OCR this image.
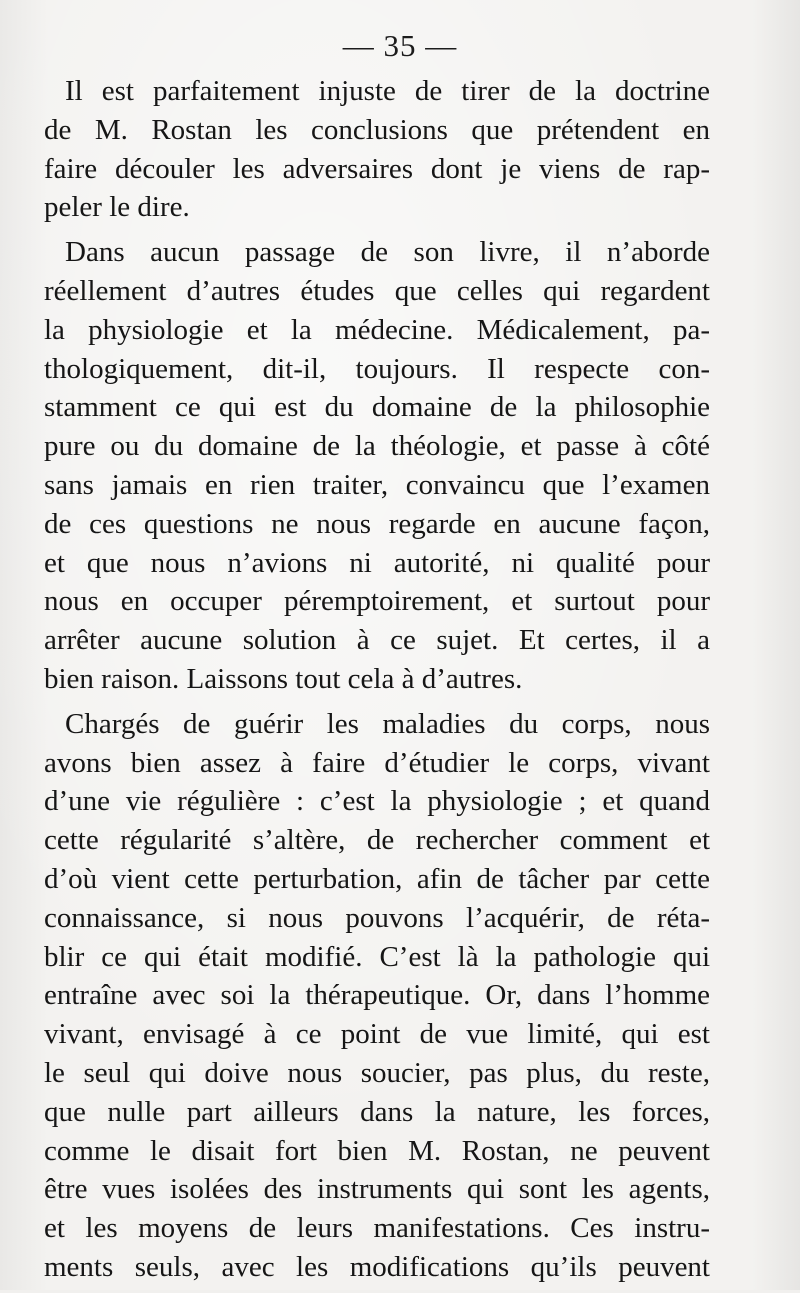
— 35 —
Il est parfaitement injuste de tirer de la doctrine
de M. Rostan les conclusions que prétendent en
faire découler les adversaires dont je viens de rap-
peler le dire.
Dans aucun passage de son livre, il n’aborde
réellement d’autres études que celles qui regardent
la physiologie et la médecine. Médicalement, pa-
thologiquement, dit-il, toujours. Il respecte con-
stamment ce qui est du domaine de la philosophie
pure ou du domaine de la théologie, et passe à côté
sans jamais en rien traiter, convaincu que l’examen
de ces questions ne nous regarde en aucune façon,
et que nous n’avions ni autorité, ni qualité pour
nous en occuper péremptoirement, et surtout pour
arrêter aucune solution à ce sujet. Et certes, il a
bien raison. Laissons tout cela à d’autres.
Chargés de guérir les maladies du corps, nous
avons bien assez à faire d’étudier le corps, vivant
d’une vie régulière : c’est la physiologie ; et quand
cette régularité s’altère, de rechercher comment et
d’où vient cette perturbation, afin de tâcher par cette
connaissance, si nous pouvons l’acquérir, de réta-
blir ce qui était modifié. C’est là la pathologie qui
entraîne avec soi la thérapeutique. Or, dans l’homme
vivant, envisagé à ce point de vue limité, qui est
le seul qui doive nous soucier, pas plus, du reste,
que nulle part ailleurs dans la nature, les forces,
comme le disait fort bien M. Rostan, ne peuvent
être vues isolées des instruments qui sont les agents,
et les moyens de leurs manifestations. Ces instru-
ments seuls, avec les modifications qu’ils peuvent
